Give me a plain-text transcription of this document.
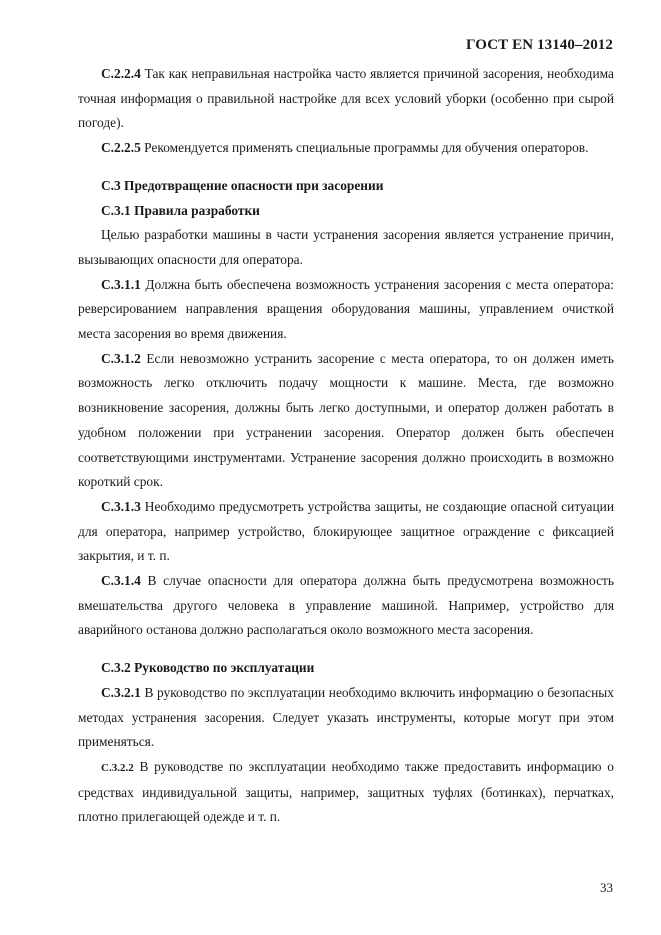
ГОСТ EN 13140–2012

С.2.2.4 Так как неправильная настройка часто является причиной засорения, необходима точная информация о правильной настройке для всех условий уборки (особенно при сырой погоде).

С.2.2.5 Рекомендуется применять специальные программы для обучения операторов.

С.3 Предотвращение опасности при засорении

С.3.1 Правила разработки

Целью разработки машины в части устранения засорения является устранение причин, вызывающих опасности для оператора.

С.3.1.1 Должна быть обеспечена возможность устранения засорения с места оператора: реверсированием направления вращения оборудования машины, управлением очисткой места засорения во время движения.

С.3.1.2 Если невозможно устранить засорение с места оператора, то он должен иметь возможность легко отключить подачу мощности к машине. Места, где возможно возникновение засорения, должны быть легко доступными, и оператор должен работать в удобном положении при устранении засорения. Оператор должен быть обеспечен соответствующими инструментами. Устранение засорения должно происходить в возможно короткий срок.

С.3.1.3 Необходимо предусмотреть устройства защиты, не создающие опасной ситуации для оператора, например устройство, блокирующее защитное ограждение с фиксацией закрытия, и т. п.

С.3.1.4 В случае опасности для оператора должна быть предусмотрена возможность вмешательства другого человека в управление машиной. Например, устройство для аварийного останова должно располагаться около возможного места засорения.

С.3.2 Руководство по эксплуатации

С.3.2.1 В руководство по эксплуатации необходимо включить информацию о безопасных методах устранения засорения. Следует указать инструменты, которые могут при этом применяться.

С.3.2.2 В руководстве по эксплуатации необходимо также предоставить информацию о средствах индивидуальной защиты, например, защитных туфлях (ботинках), перчатках, плотно прилегающей одежде и т. п.

33
